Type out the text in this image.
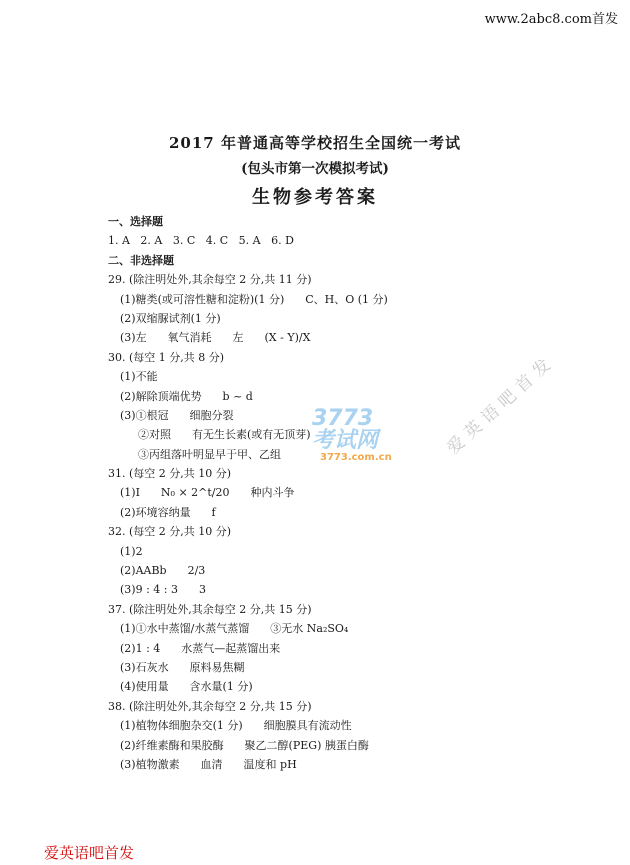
www.2abc8.com首发
2017 年普通高等学校招生全国统一考试
(包头市第一次模拟考试)
生物参考答案
一、选择题
1. A   2. A   3. C   4. C   5. A   6. D
二、非选择题
29. (除注明处外,其余每空 2 分,共 11 分)
(1)糖类(或可溶性糖和淀粉)(1 分)      C、H、O (1 分)
(2)双缩脲试剂(1 分)
(3)左      氧气消耗      左      (X - Y)/X
30. (每空 1 分,共 8 分)
(1)不能
(2)解除顶端优势      b ~ d
(3)①根冠      细胞分裂
②对照      有无生长素(或有无顶芽)
③丙组落叶明显早于甲、乙组
31. (每空 2 分,共 10 分)
(1)I      N₀ × 2^t/20      种内斗争
(2)环境容纳量      f
32. (每空 2 分,共 10 分)
(1)2
(2)AABb      2/3
(3)9 : 4 : 3      3
37. (除注明处外,其余每空 2 分,共 15 分)
(1)①水中蒸馏/水蒸气蒸馏      ③无水 Na₂SO₄
(2)1 : 4      水蒸气—起蒸馏出来
(3)石灰水      原料易焦糊
(4)使用量      含水量(1 分)
38. (除注明处外,其余每空 2 分,共 15 分)
(1)植物体细胞杂交(1 分)      细胞膜具有流动性
(2)纤维素酶和果胶酶      聚乙二醇(PEG) 胰蛋白酶
(3)植物激素      血清      温度和 pH
3773考试网
3773.com.cn	爱英语吧首发
爱英语吧首发
